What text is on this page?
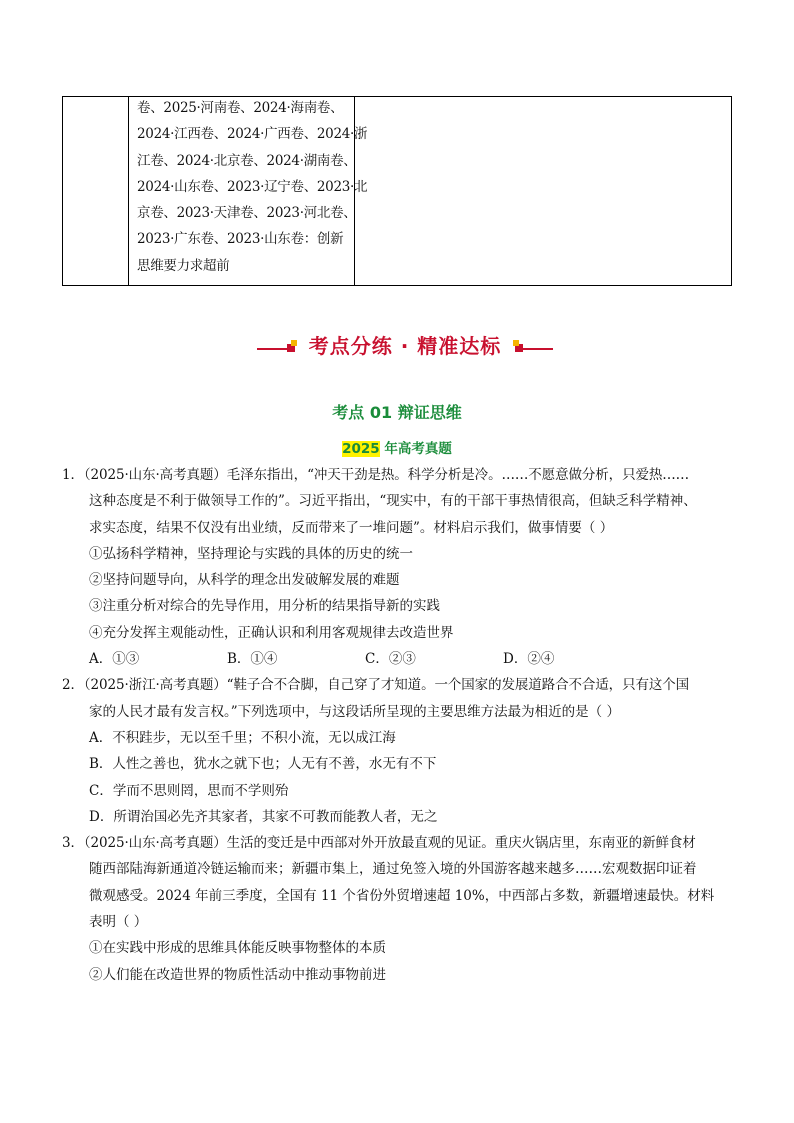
卷、2025·河南卷、2024·海南卷、
2024·江西卷、2024·广西卷、2024·浙
江卷、2024·北京卷、2024·湖南卷、
2024·山东卷、2023·辽宁卷、2023·北
京卷、2023·天津卷、2023·河北卷、
2023·广东卷、2023·山东卷：创新
思维要力求超前
考点分练 · 精准达标
考点 01 辩证思维
2025 年高考真题
1．（2025·山东·高考真题）毛泽东指出，“冲天干劲是热。科学分析是冷。……不愿意做分析，只爱热……
这种态度是不利于做领导工作的”。习近平指出，“现实中，有的干部干事热情很高，但缺乏科学精神、
求实态度，结果不仅没有出业绩，反而带来了一堆问题”。材料启示我们，做事情要（ ）
①弘扬科学精神，坚持理论与实践的具体的历史的统一
②坚持问题导向，从科学的理念出发破解发展的难题
③注重分析对综合的先导作用，用分析的结果指导新的实践
④充分发挥主观能动性，正确认识和利用客观规律去改造世界
A．①③	B．①④	C．②③	D．②④
2．（2025·浙江·高考真题）“鞋子合不合脚，自己穿了才知道。一个国家的发展道路合不合适，只有这个国
家的人民才最有发言权。”下列选项中，与这段话所呈现的主要思维方法最为相近的是（ ）
A．不积跬步，无以至千里；不积小流，无以成江海
B．人性之善也，犹水之就下也；人无有不善，水无有不下
C．学而不思则罔，思而不学则殆
D．所谓治国必先齐其家者，其家不可教而能教人者，无之
3．（2025·山东·高考真题）生活的变迁是中西部对外开放最直观的见证。重庆火锅店里，东南亚的新鲜食材
随西部陆海新通道冷链运输而来；新疆市集上，通过免签入境的外国游客越来越多……宏观数据印证着
微观感受。2024 年前三季度，全国有 11 个省份外贸增速超 10%，中西部占多数，新疆增速最快。材料
表明（ ）
①在实践中形成的思维具体能反映事物整体的本质
②人们能在改造世界的物质性活动中推动事物前进
